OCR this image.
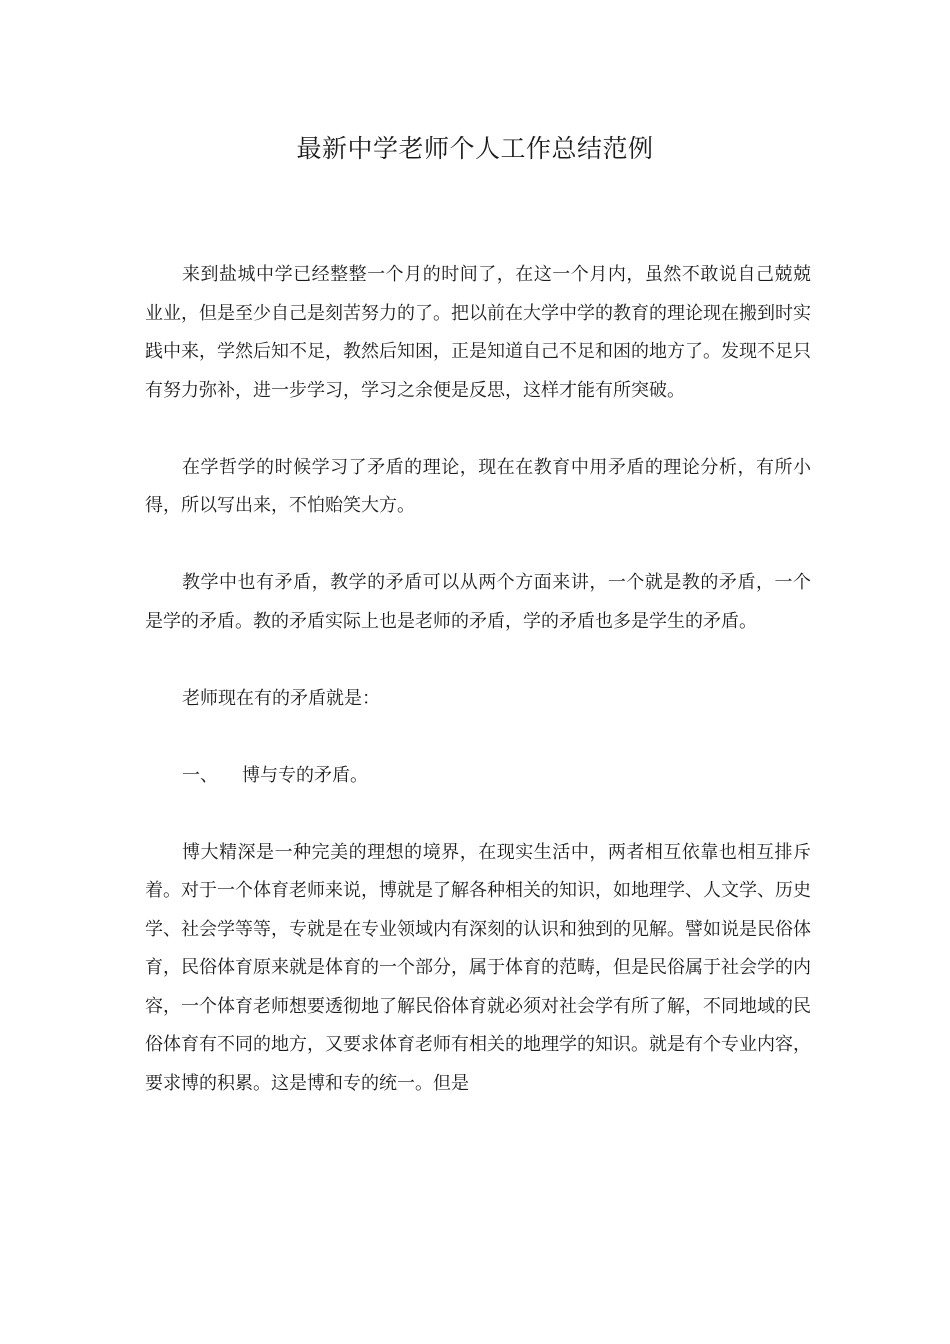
最新中学老师个人工作总结范例

来到盐城中学已经整整一个月的时间了，在这一个月内，虽然不敢说自己兢兢业业，但是至少自己是刻苦努力的了。把以前在大学中学的教育的理论现在搬到时实践中来，学然后知不足，教然后知困，正是知道自己不足和困的地方了。发现不足只有努力弥补，进一步学习，学习之余便是反思，这样才能有所突破。

在学哲学的时候学习了矛盾的理论，现在在教育中用矛盾的理论分析，有所小得，所以写出来，不怕贻笑大方。

教学中也有矛盾，教学的矛盾可以从两个方面来讲，一个就是教的矛盾，一个是学的矛盾。教的矛盾实际上也是老师的矛盾，学的矛盾也多是学生的矛盾。

老师现在有的矛盾就是：

一、 博与专的矛盾。

博大精深是一种完美的理想的境界，在现实生活中，两者相互依靠也相互排斥着。对于一个体育老师来说，博就是了解各种相关的知识，如地理学、人文学、历史学、社会学等等，专就是在专业领域内有深刻的认识和独到的见解。譬如说是民俗体育，民俗体育原来就是体育的一个部分，属于体育的范畴，但是民俗属于社会学的内容，一个体育老师想要透彻地了解民俗体育就必须对社会学有所了解，不同地域的民俗体育有不同的地方，又要求体育老师有相关的地理学的知识。就是有个专业内容，要求博的积累。这是博和专的统一。但是
